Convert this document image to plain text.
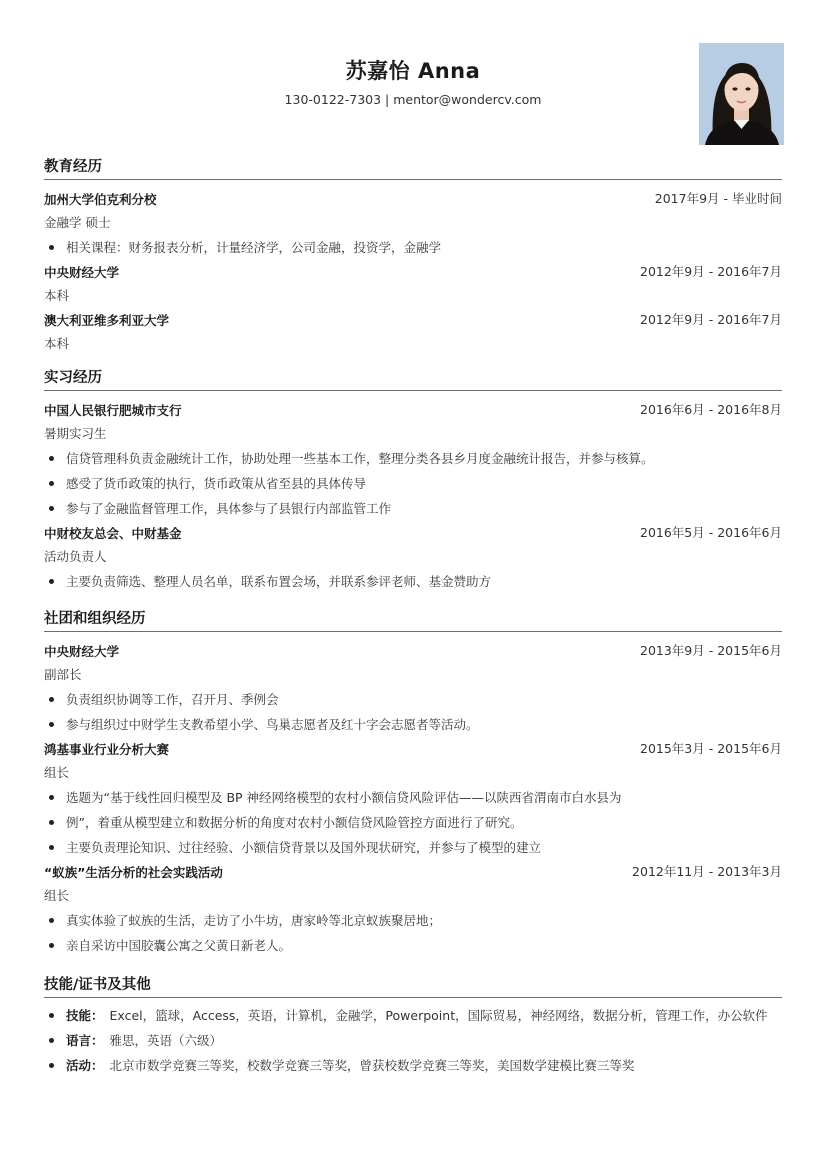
苏嘉怡 Anna
130-0122-7303 | mentor@wondercv.com
教育经历
加州大学伯克利分校	2017年9月 - 毕业时间
金融学 硕士
相关课程：财务报表分析，计量经济学，公司金融，投资学，金融学
中央财经大学	2012年9月 - 2016年7月
本科
澳大利亚维多利亚大学	2012年9月 - 2016年7月
本科
实习经历
中国人民银行肥城市支行	2016年6月 - 2016年8月
暑期实习生
信贷管理科负责金融统计工作，协助处理一些基本工作，整理分类各县乡月度金融统计报告，并参与核算。
感受了货币政策的执行，货币政策从省至县的具体传导
参与了金融监督管理工作，具体参与了县银行内部监管工作
中财校友总会、中财基金	2016年5月 - 2016年6月
活动负责人
主要负责筛选、整理人员名单，联系布置会场，并联系参评老师、基金赞助方
社团和组织经历
中央财经大学	2013年9月 - 2015年6月
副部长
负责组织协调等工作，召开月、季例会
参与组织过中财学生支教希望小学、鸟巢志愿者及红十字会志愿者等活动。
鸿基事业行业分析大赛	2015年3月 - 2015年6月
组长
选题为“基于线性回归模型及 BP 神经网络模型的农村小额信贷风险评估——以陕西省渭南市白水县为
例”，着重从模型建立和数据分析的角度对农村小额信贷风险管控方面进行了研究。
主要负责理论知识、过往经验、小额信贷背景以及国外现状研究，并参与了模型的建立
“蚁族”生活分析的社会实践活动	2012年11月 - 2013年3月
组长
真实体验了蚁族的生活，走访了小牛坊，唐家岭等北京蚁族聚居地；
亲自采访中国胶囊公寓之父黄日新老人。
技能/证书及其他
技能： Excel，篮球，Access，英语，计算机，金融学，Powerpoint，国际贸易，神经网络，数据分析，管理工作，办公软件
语言： 雅思，英语（六级）
活动： 北京市数学竞赛三等奖，校数学竞赛三等奖，曾获校数学竞赛三等奖，美国数学建模比赛三等奖
